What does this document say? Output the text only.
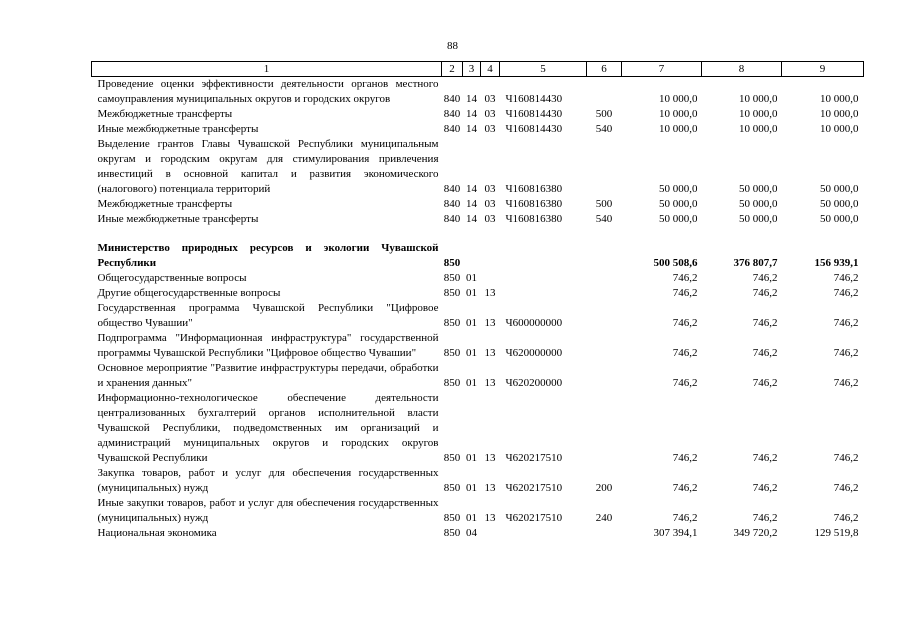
88
1	2	3	4	5	6	7	8	9
Проведение оценки эффективности деятельности органов местного самоуправления муниципальных округов и городских округов	840	14	03	Ч160814430		10 000,0	10 000,0	10 000,0
Межбюджетные трансферты	840	14	03	Ч160814430	500	10 000,0	10 000,0	10 000,0
Иные межбюджетные трансферты	840	14	03	Ч160814430	540	10 000,0	10 000,0	10 000,0
Выделение грантов Главы Чувашской Республики муниципальным округам и городским округам для стимулирования привлечения инвестиций в основной капитал и развития экономического (налогового) потенциала территорий	840	14	03	Ч160816380		50 000,0	50 000,0	50 000,0
Межбюджетные трансферты	840	14	03	Ч160816380	500	50 000,0	50 000,0	50 000,0
Иные межбюджетные трансферты	840	14	03	Ч160816380	540	50 000,0	50 000,0	50 000,0

Министерство природных ресурсов и экологии Чувашской Республики	850					500 508,6	376 807,7	156 939,1
Общегосударственные вопросы	850	01				746,2	746,2	746,2
Другие общегосударственные вопросы	850	01	13			746,2	746,2	746,2
Государственная программа Чувашской Республики "Цифровое общество Чувашии"	850	01	13	Ч600000000		746,2	746,2	746,2
Подпрограмма "Информационная инфраструктура" государственной программы Чувашской Республики "Цифровое общество Чувашии"	850	01	13	Ч620000000		746,2	746,2	746,2
Основное мероприятие "Развитие инфраструктуры передачи, обработки и хранения данных"	850	01	13	Ч620200000		746,2	746,2	746,2
Информационно-технологическое обеспечение деятельности централизованных бухгалтерий органов исполнительной власти Чувашской Республики, подведомственных им организаций и администраций муниципальных округов и городских округов Чувашской Республики	850	01	13	Ч620217510		746,2	746,2	746,2
Закупка товаров, работ и услуг для обеспечения государственных (муниципальных) нужд	850	01	13	Ч620217510	200	746,2	746,2	746,2
Иные закупки товаров, работ и услуг для обеспечения государственных (муниципальных) нужд	850	01	13	Ч620217510	240	746,2	746,2	746,2
Национальная экономика	850	04				307 394,1	349 720,2	129 519,8
